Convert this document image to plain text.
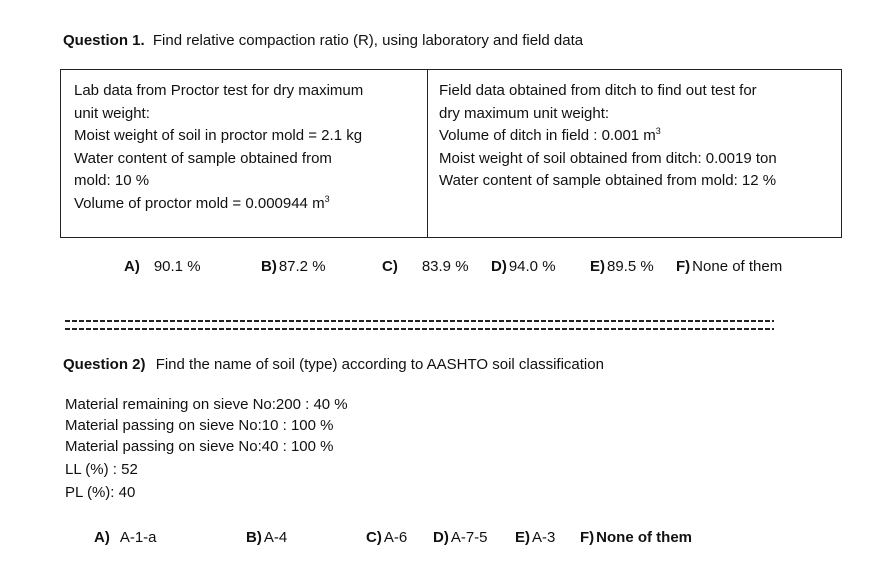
Question 1. Find relative compaction ratio (R), using laboratory and field data
Lab data from Proctor test for dry maximum
unit weight:
Moist weight of soil in proctor mold = 2.1 kg
Water content of sample obtained from
mold: 10 %
Volume of proctor mold = 0.000944 $m^3$
Field data obtained from ditch to find out test for
dry maximum unit weight:
Volume of ditch in field : 0.001 $m^3$
Moist weight of soil obtained from ditch: 0.0019 ton
Water content of sample obtained from mold: 12 %
A) 90.1 %	B) 87.2 %	C) 83.9 % D) 94.0 % E) 89.5 % F) None of them
Question 2) Find the name of soil (type) according to AASHTO soil classification
Material remaining on sieve No:200 : 40 %
Material passing on sieve No:10 : 100 %
Material passing on sieve No:40 : 100 %
LL (%) : 52
PL (%): 40
A) A-1-a	B) A-4	C) A-6 D) A-7-5 E) A-3 F) None of them
